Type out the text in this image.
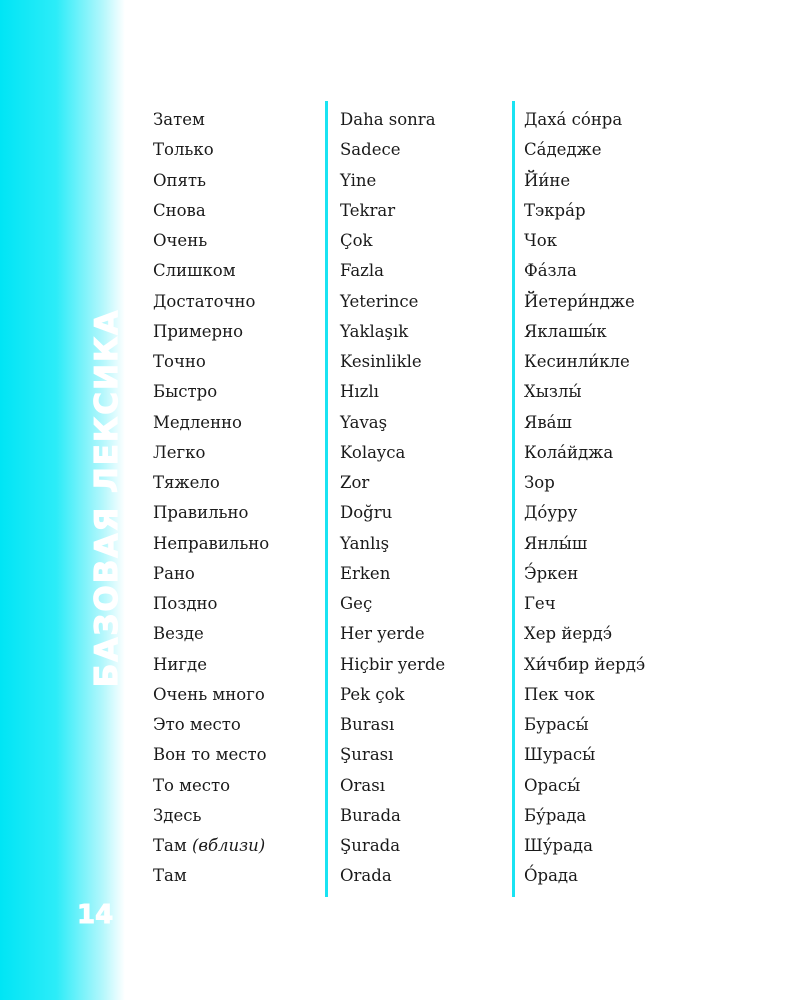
БАЗОВАЯ ЛЕКСИКА
14
Затем
Только
Опять
Снова
Очень
Слишком
Достаточно
Примерно
Точно
Быстро
Медленно
Легко
Тяжело
Правильно
Неправильно
Рано
Поздно
Везде
Нигде
Очень много
Это место
Вон то место
То место
Здесь
Там (вблизи)
Там
Daha sonra
Sadece
Yine
Tekrar
Çok
Fazla
Yeterince
Yaklaşık
Kesinlikle
Hızlı
Yavaş
Kolayca
Zor
Doğru
Yanlış
Erken
Geç
Her yerde
Hiçbir yerde
Pek çok
Burası
Şurası
Orası
Burada
Şurada
Orada
Дахá сóнра
Сáдедже
Йи́не
Тэкрáр
Чок
Фáзла
Йетери́ндже
Яклашы́к
Кесинли́кле
Хызлы́
Явáш
Колáйджа
Зор
Дóуру
Янлы́ш
Э́ркен
Геч
Хер йердэ́
Хи́чбир йердэ́
Пек чок
Бурасы́
Шурасы́
Орасы́
Бу́рада
Шу́рада
О́рада
